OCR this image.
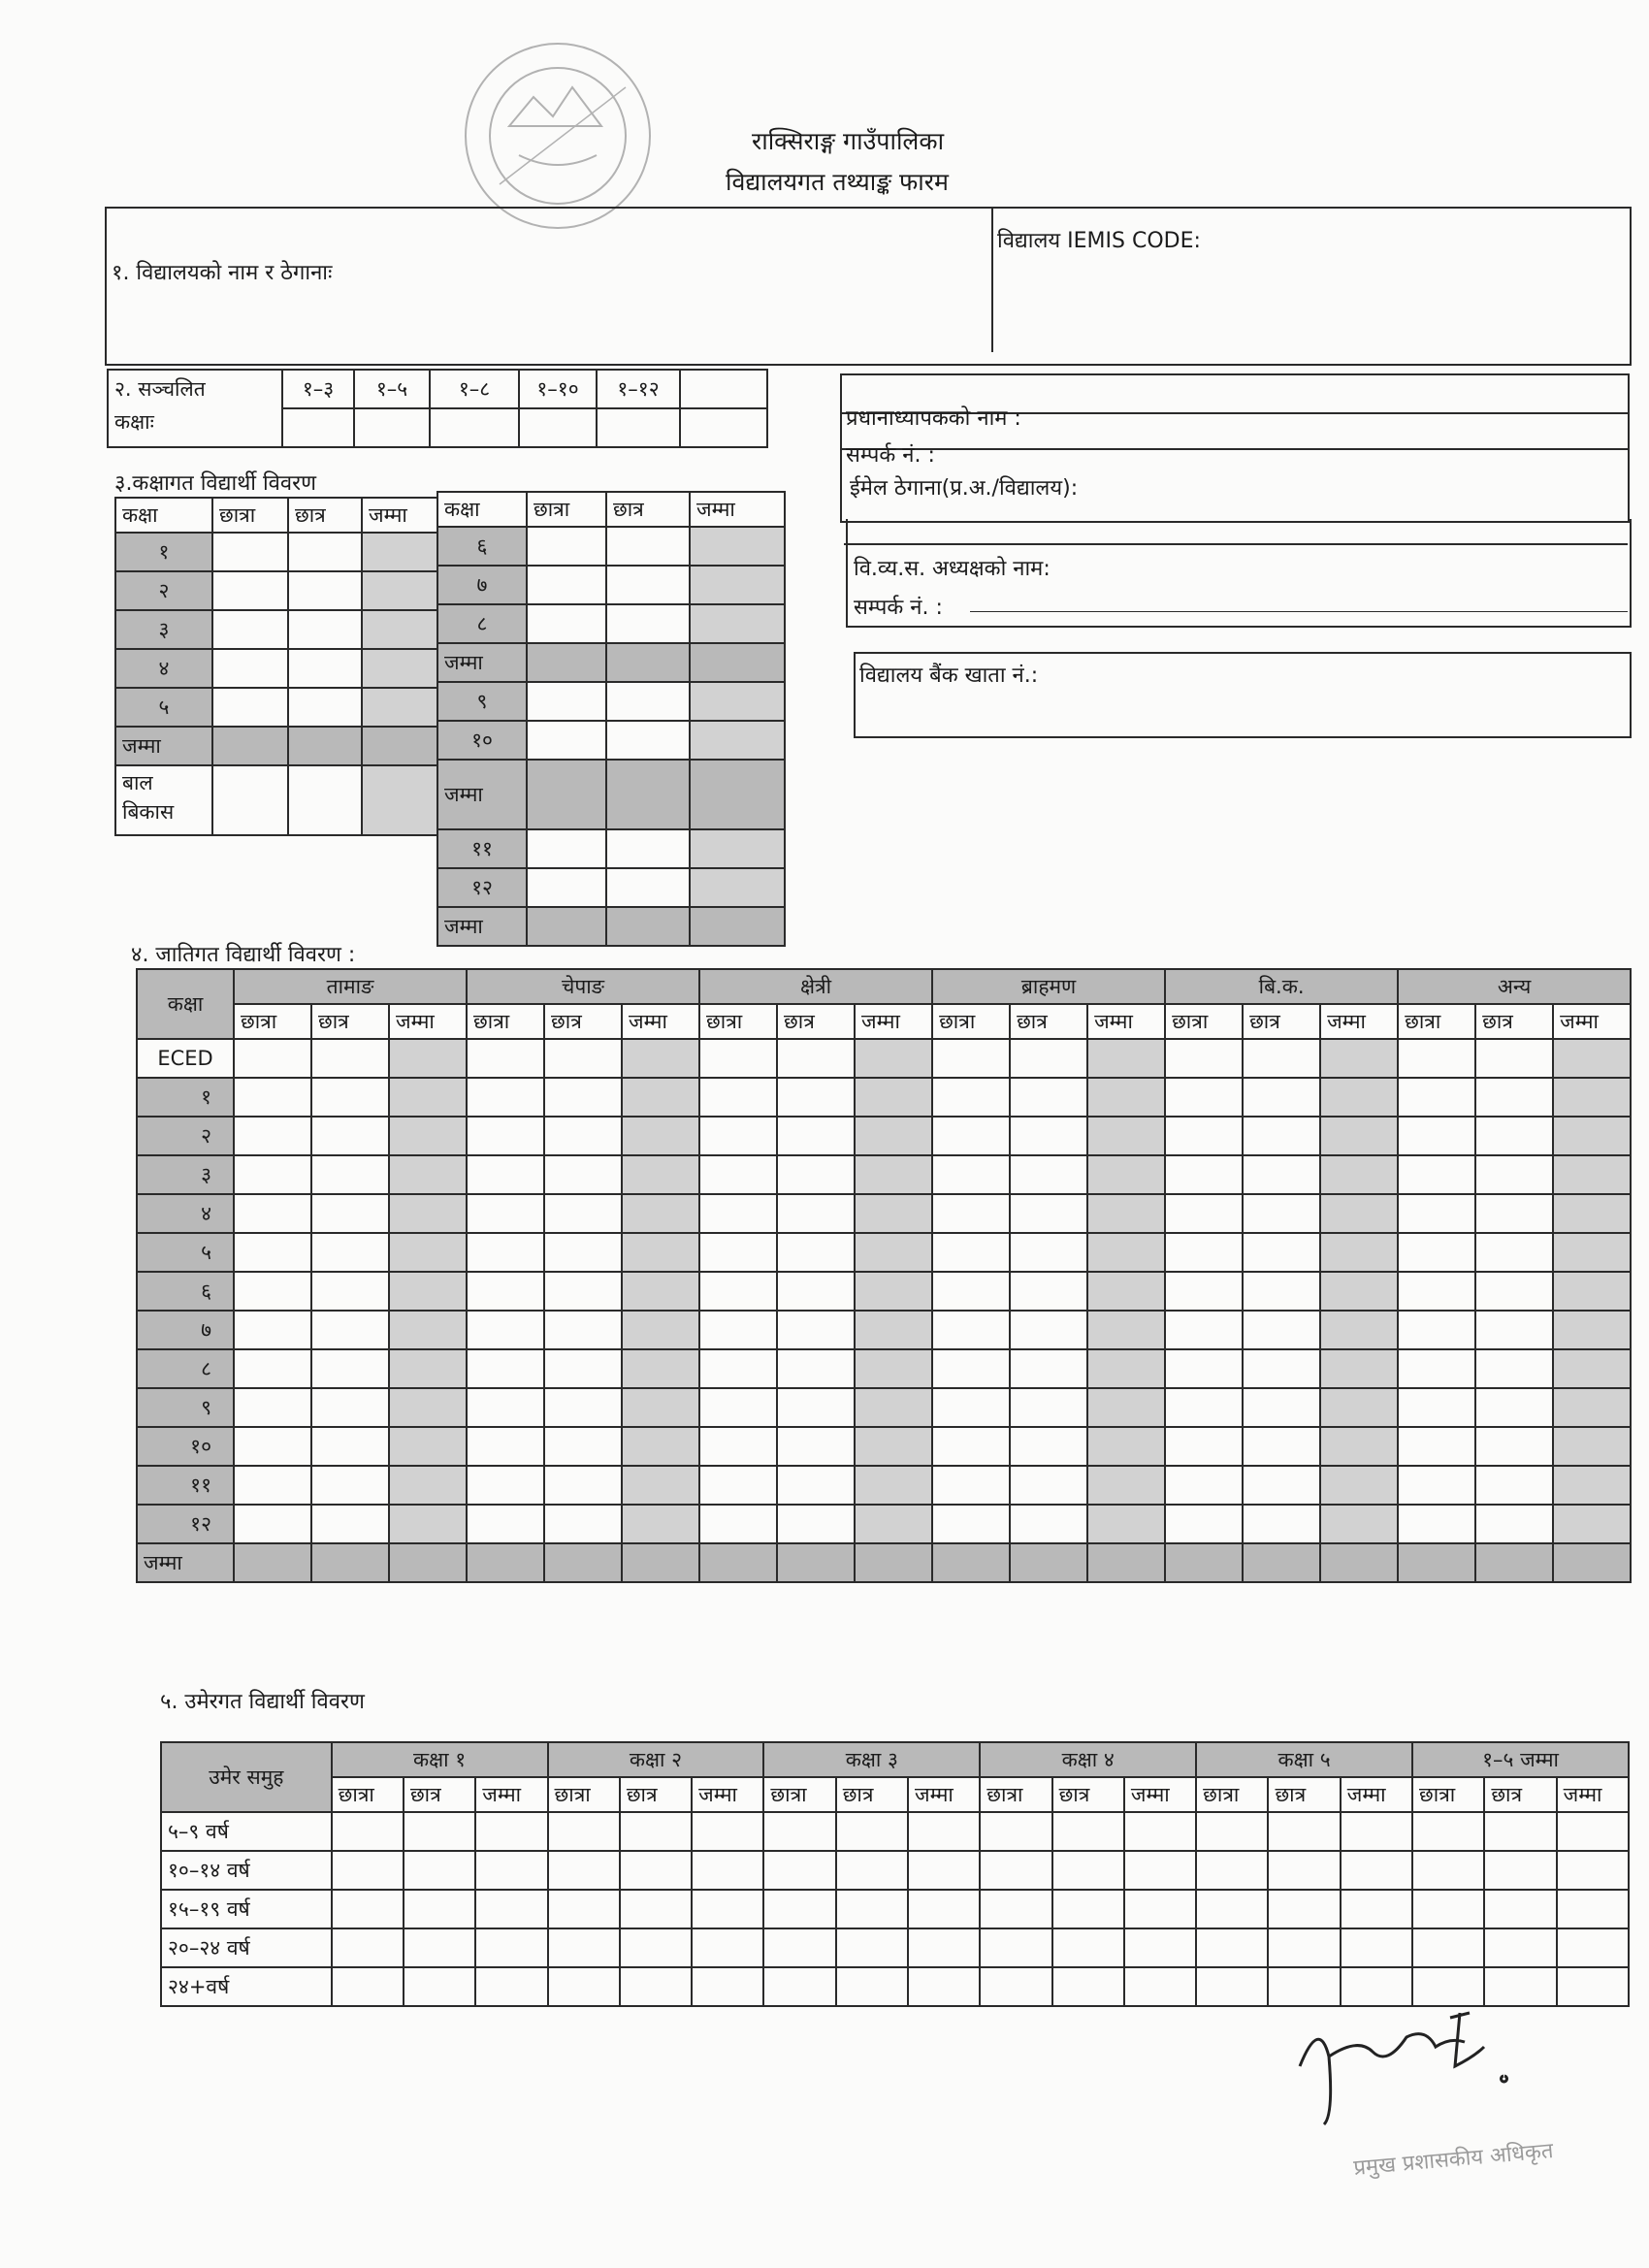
राक्सिराङ्ग गाउँपालिका
विद्यालयगत तथ्याङ्क फारम
१. विद्यालयको नाम र ठेगानाः
विद्यालय IEMIS CODE:
२. सञ्चलित
कक्षाः	१–३	१–५	१–८	१–१०	१–१२	

प्रधानाध्यापकको नाम :
सम्पर्क नं. :
ईमेल ठेगाना(प्र.अ./विद्यालय):
वि.व्य.स. अध्यक्षको नाम:
सम्पर्क नं. :
विद्यालय बैंक खाता नं.:
३.कक्षागत विद्यार्थी विवरण
कक्षा	छात्रा	छात्र	जम्मा
१			
२			
३			
४			
५			
जम्मा			
बाल
बिकास			
कक्षा	छात्रा	छात्र	जम्मा
६			
७			
८			
जम्मा			
९			
१०			
जम्मा			
११			
१२			
जम्मा			
४. जातिगत विद्यार्थी विवरण :
कक्षा	तामाङ			चेपाङ			क्षेत्री			ब्राहमण			बि.क.			अन्य		
	छात्रा	छात्र	जम्मा	छात्रा	छात्र	जम्मा	छात्रा	छात्र	जम्मा	छात्रा	छात्र	जम्मा	छात्रा	छात्र	जम्मा	छात्रा	छात्र	जम्मा
ECED																		
१																		
२																		
३																		
४																		
५																		
६																		
७																		
८																		
९																		
१०																		
११																		
१२																		
जम्मा																		
५. उमेरगत विद्यार्थी विवरण
उमेर समुह	कक्षा १			कक्षा २			कक्षा ३			कक्षा ४			कक्षा ५			१–५ जम्मा		
	छात्रा	छात्र	जम्मा	छात्रा	छात्र	जम्मा	छात्रा	छात्र	जम्मा	छात्रा	छात्र	जम्मा	छात्रा	छात्र	जम्मा	छात्रा	छात्र	जम्मा
५–९ वर्ष																		
१०–१४ वर्ष																		
१५–१९ वर्ष																		
२०–२४ वर्ष																		
२४+वर्ष																		
प्रमुख प्रशासकीय अधिकृत
